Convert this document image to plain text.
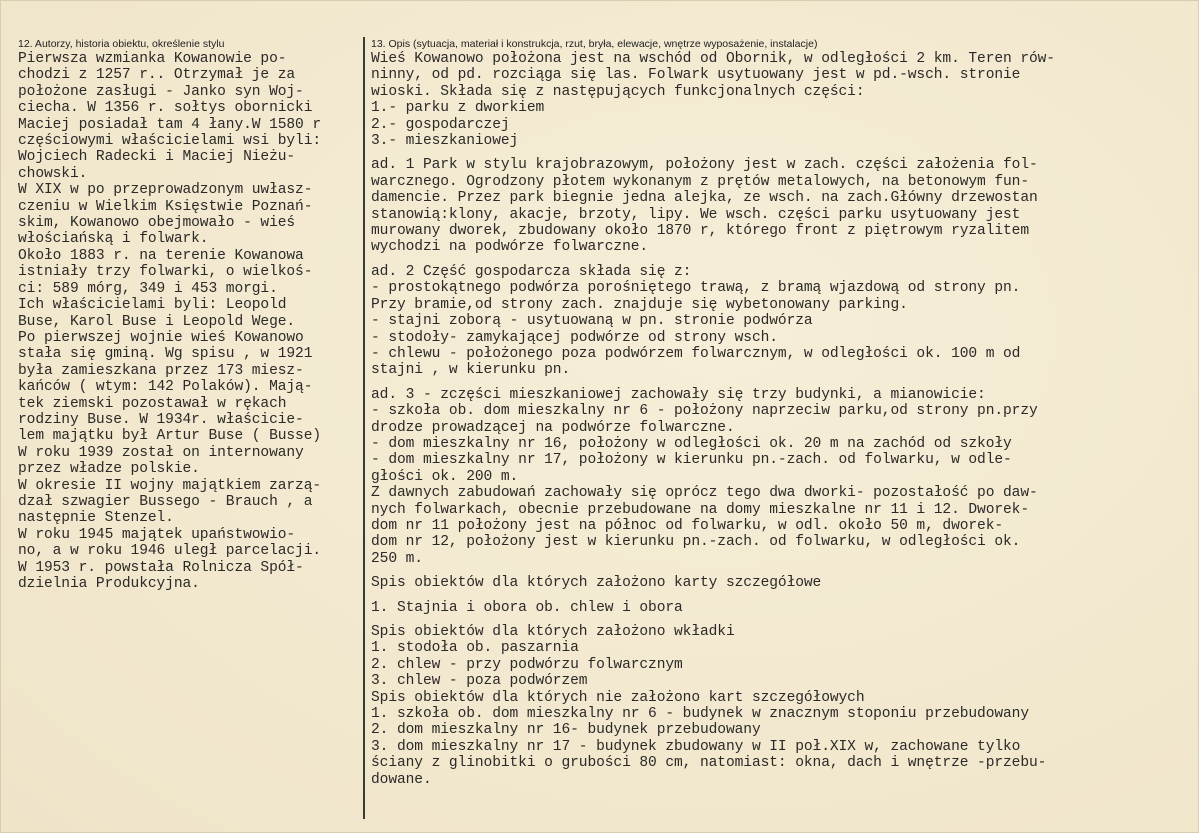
12. Autorzy, historia obiektu, określenie stylu

Pierwsza wzmianka Kowanowie po-

chodzi z 1257 r.. Otrzymał je za

położone zasługi - Janko syn Woj-

ciecha. W 1356 r. sołtys obornicki

Maciej posiadał tam 4 łany.W 1580 r

częściowymi właścicielami wsi byli:

Wojciech Radecki i Maciej Nieżu-

chowski.

W XIX w po przeprowadzonym uwłasz-

czeniu w Wielkim Księstwie Poznań-

skim, Kowanowo obejmowało - wieś

włościańską i folwark.

Około 1883 r. na terenie Kowanowa

istniały trzy folwarki, o wielkoś-

ci: 589 mórg, 349 i 453 morgi.

Ich właścicielami byli: Leopold

Buse, Karol Buse i Leopold Wege.

Po pierwszej wojnie wieś Kowanowo

stała się gminą. Wg spisu , w 1921

była zamieszkana przez 173 miesz-

kańców ( wtym: 142 Polaków). Mają-

tek ziemski pozostawał w rękach

rodziny Buse. W 1934r. właścicie-

lem majątku był Artur Buse ( Busse)

W roku 1939 został on internowany

przez władze polskie.

W okresie II wojny majątkiem zarzą-

dzał szwagier Bussego - Brauch , a

następnie Stenzel.

W roku 1945 majątek upaństwowio-

no, a w roku 1946 uległ parcelacji.

W 1953 r. powstała Rolnicza Spół-

dzielnia Produkcyjna.

13. Opis (sytuacja, materiał i konstrukcja, rzut, bryła, elewacje, wnętrze wyposażenie, instalacje)

Wieś Kowanowo położona jest na wschód od Obornik, w odległości 2 km. Teren rów-

ninny, od pd. rozciąga się las. Folwark usytuowany jest w pd.-wsch. stronie

wioski. Składa się z następujących funkcjonalnych części:

1.- parku z dworkiem

2.- gospodarczej

3.- mieszkaniowej

ad. 1 Park w stylu krajobrazowym, położony jest w zach. części założenia fol-

warcznego. Ogrodzony płotem wykonanym z prętów metalowych, na betonowym fun-

damencie. Przez park biegnie jedna alejka, ze wsch. na zach.Główny drzewostan

stanowią:klony, akacje, brzoty, lipy. We wsch. części parku usytuowany jest

murowany dworek, zbudowany około 1870 r, którego front z piętrowym ryzalitem

wychodzi na podwórze folwarczne.

ad. 2 Część gospodarcza składa się z:

- prostokątnego podwórza porośniętego trawą, z bramą wjazdową od strony pn.

Przy bramie,od strony zach. znajduje się wybetonowany parking.

- stajni zoborą - usytuowaną w pn. stronie podwórza

- stodoły- zamykającej podwórze od strony wsch.

- chlewu - położonego poza podwórzem folwarcznym, w odległości ok. 100 m od

stajni , w kierunku pn.

ad. 3 - zczęści mieszkaniowej zachowały się trzy budynki, a mianowicie:

- szkoła ob. dom mieszkalny nr 6 - położony naprzeciw parku,od strony pn.przy

drodze prowadzącej na podwórze folwarczne.

- dom mieszkalny nr 16, położony w odległości ok. 20 m na zachód od szkoły

- dom mieszkalny nr 17, położony w kierunku pn.-zach. od folwarku, w odle-

głości ok. 200 m.

Z dawnych zabudowań zachowały się oprócz tego dwa dworki- pozostałość po daw-

nych folwarkach, obecnie przebudowane na domy mieszkalne nr 11 i 12. Dworek-

dom nr 11 położony jest na północ od folwarku, w odl. około 50 m, dworek-

dom nr 12, położony jest w kierunku pn.-zach. od folwarku, w odległości ok.

250 m.

Spis obiektów dla których założono karty szczegółowe

1. Stajnia i obora ob. chlew i obora

Spis obiektów dla których założono wkładki

1. stodoła ob. paszarnia

2. chlew - przy podwórzu folwarcznym

3. chlew - poza podwórzem

Spis obiektów dla których nie założono kart szczegółowych

1. szkoła ob. dom mieszkalny nr 6 - budynek w znacznym stoponiu przebudowany

2. dom mieszkalny nr 16- budynek przebudowany

3. dom mieszkalny nr 17 - budynek zbudowany w II poł.XIX w, zachowane tylko

ściany z glinobitki o grubości 80 cm, natomiast: okna, dach i wnętrze -przebu-

dowane.
